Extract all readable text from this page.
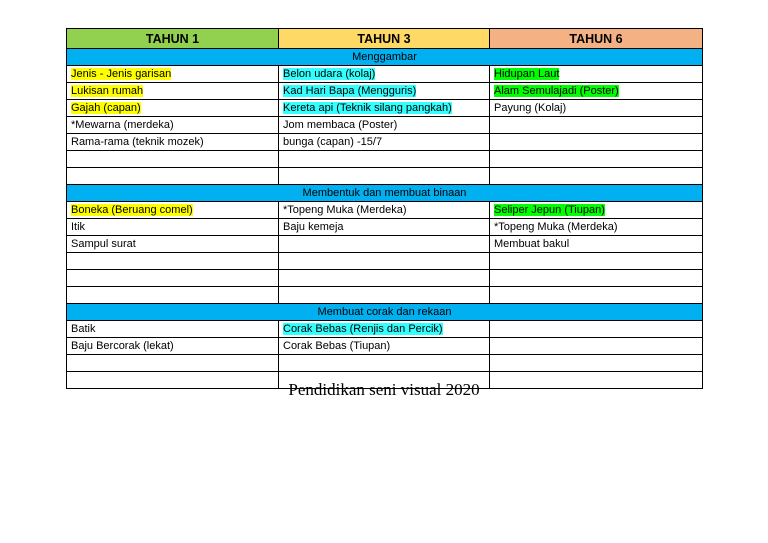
TAHUN 1	TAHUN 3	TAHUN 6
Menggambar		
Jenis - Jenis garisan	Belon udara (kolaj)	Hidupan Laut
Lukisan rumah	Kad Hari Bapa (Mengguris)	Alam Semulajadi (Poster)
Gajah (capan)	Kereta api (Teknik silang pangkah)	Payung (Kolaj)
*Mewarna (merdeka)	Jom membaca (Poster)	
Rama-rama (teknik mozek)	bunga (capan) -15/7	

Membentuk dan membuat binaan		
Boneka (Beruang comel)	*Topeng Muka (Merdeka)	Seliper Jepun (Tiupan)
Itik	Baju kemeja	*Topeng Muka (Merdeka)
Sampul surat		Membuat bakul

Membuat corak dan rekaan		
Batik	Corak Bebas (Renjis dan Percik)	
Baju Bercorak (lekat)	Corak Bebas (Tiupan)	

Pendidikan seni visual 2020
